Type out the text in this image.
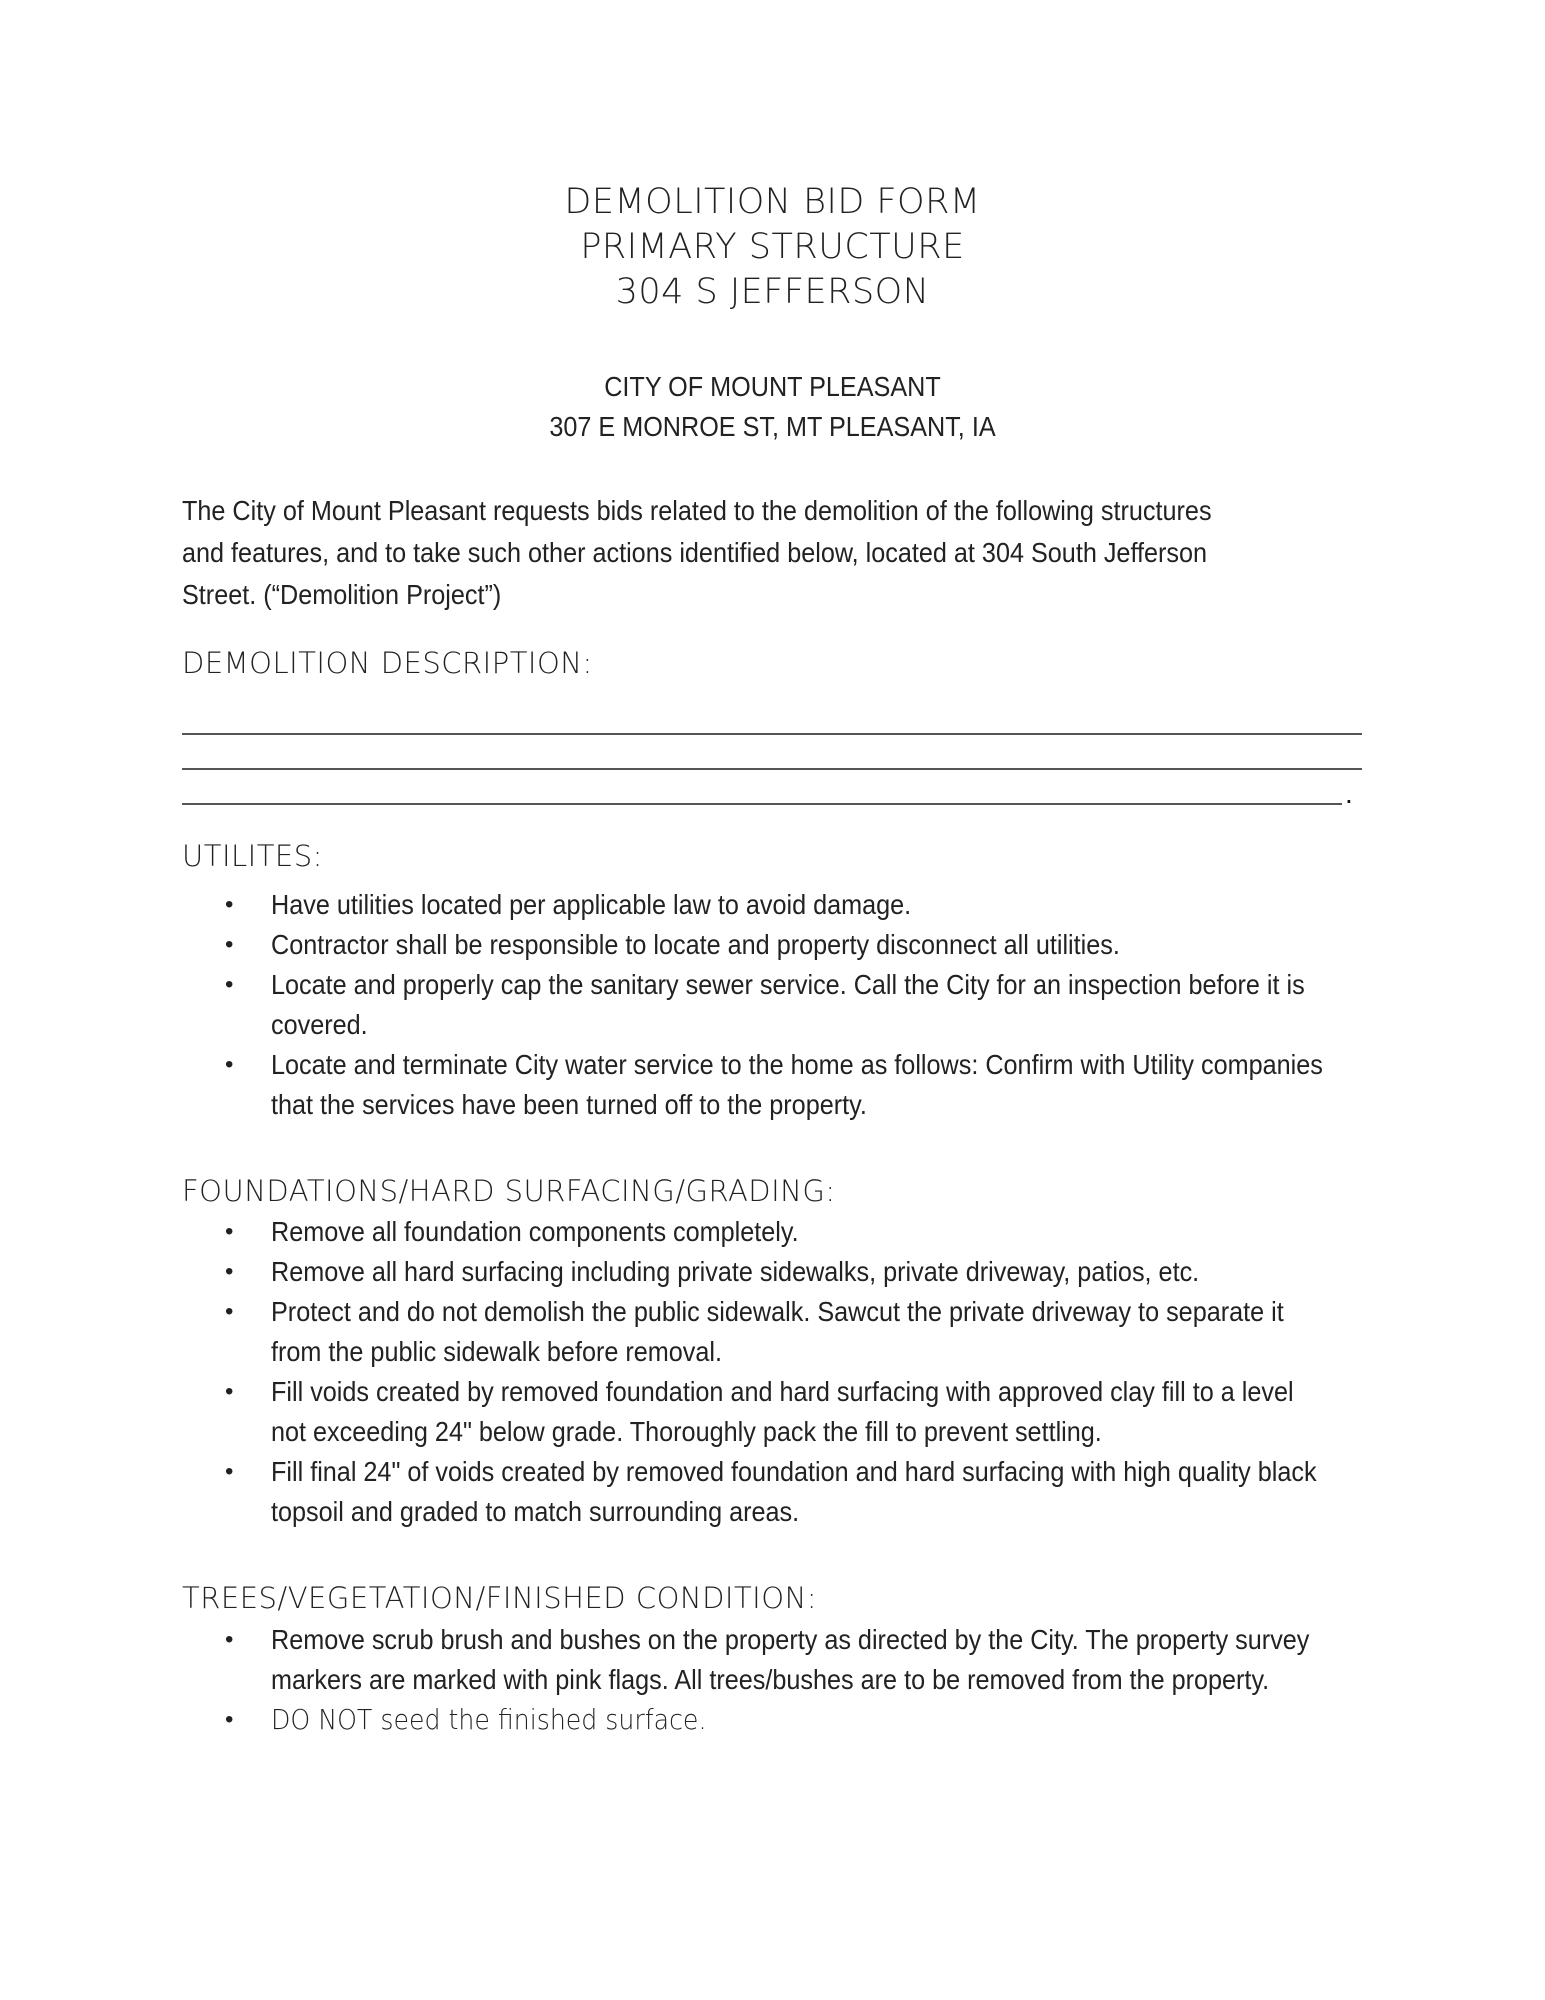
DEMOLITION BID FORM
PRIMARY STRUCTURE
304 S JEFFERSON
CITY OF MOUNT PLEASANT
307 E MONROE ST, MT PLEASANT, IA
The City of Mount Pleasant requests bids related to the demolition of the following structures
and features, and to take such other actions identified below, located at 304 South Jefferson
Street. (“Demolition Project”)
DEMOLITION DESCRIPTION:
.
UTILITES:
• Have utilities located per applicable law to avoid damage.
• Contractor shall be responsible to locate and property disconnect all utilities.
• Locate and properly cap the sanitary sewer service. Call the City for an inspection before it is covered.
• Locate and terminate City water service to the home as follows: Confirm with Utility companies that the services have been turned off to the property.
FOUNDATIONS/HARD SURFACING/GRADING:
• Remove all foundation components completely.
• Remove all hard surfacing including private sidewalks, private driveway, patios, etc.
• Protect and do not demolish the public sidewalk. Sawcut the private driveway to separate it from the public sidewalk before removal.
• Fill voids created by removed foundation and hard surfacing with approved clay fill to a level not exceeding 24" below grade. Thoroughly pack the fill to prevent settling.
• Fill final 24" of voids created by removed foundation and hard surfacing with high quality black topsoil and graded to match surrounding areas.
TREES/VEGETATION/FINISHED CONDITION:
• Remove scrub brush and bushes on the property as directed by the City. The property survey markers are marked with pink flags. All trees/bushes are to be removed from the property.
• DO NOT seed the finished surface.
